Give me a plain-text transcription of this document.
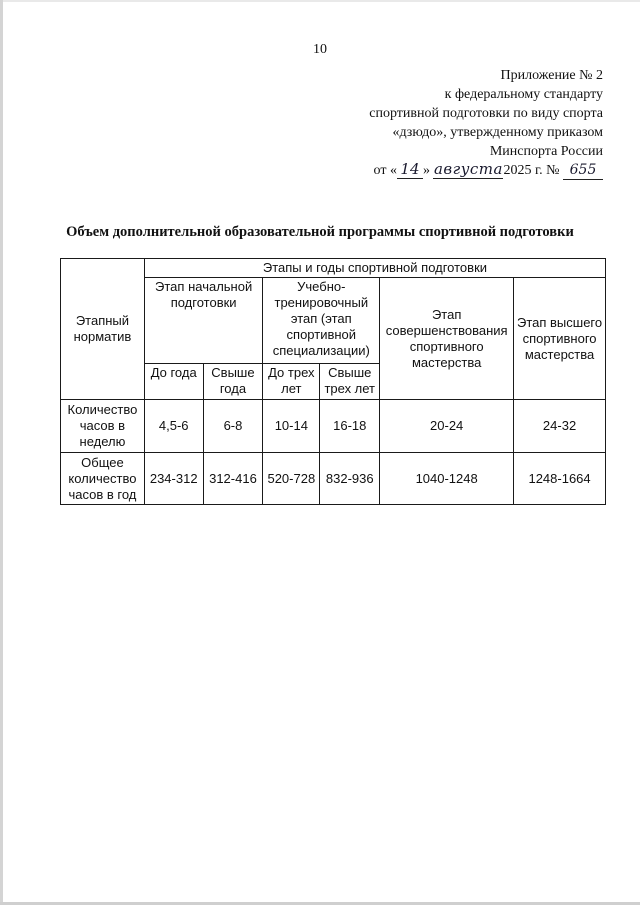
10
Приложение № 2
к федеральному стандарту
спортивной подготовки по виду спорта
«дзюдо», утвержденному приказом
Минспорта России
от « 14 » августа2025 г. № 655
Объем дополнительной образовательной программы спортивной подготовки
Этапный норматив	Этапы и годы спортивной подготовки					
	Этап начальной подготовки		Учебно-тренировочный этап (этап спортивной специализации)		Этап совершенствования спортивного мастерства	Этап высшего спортивного мастерства
	До года	Свыше года	До трех лет	Свыше трех лет		
Количество часов в неделю	4,5-6	6-8	10-14	16-18	20-24	24-32
Общее количество часов в год	234-312	312-416	520-728	832-936	1040-1248	1248-1664
